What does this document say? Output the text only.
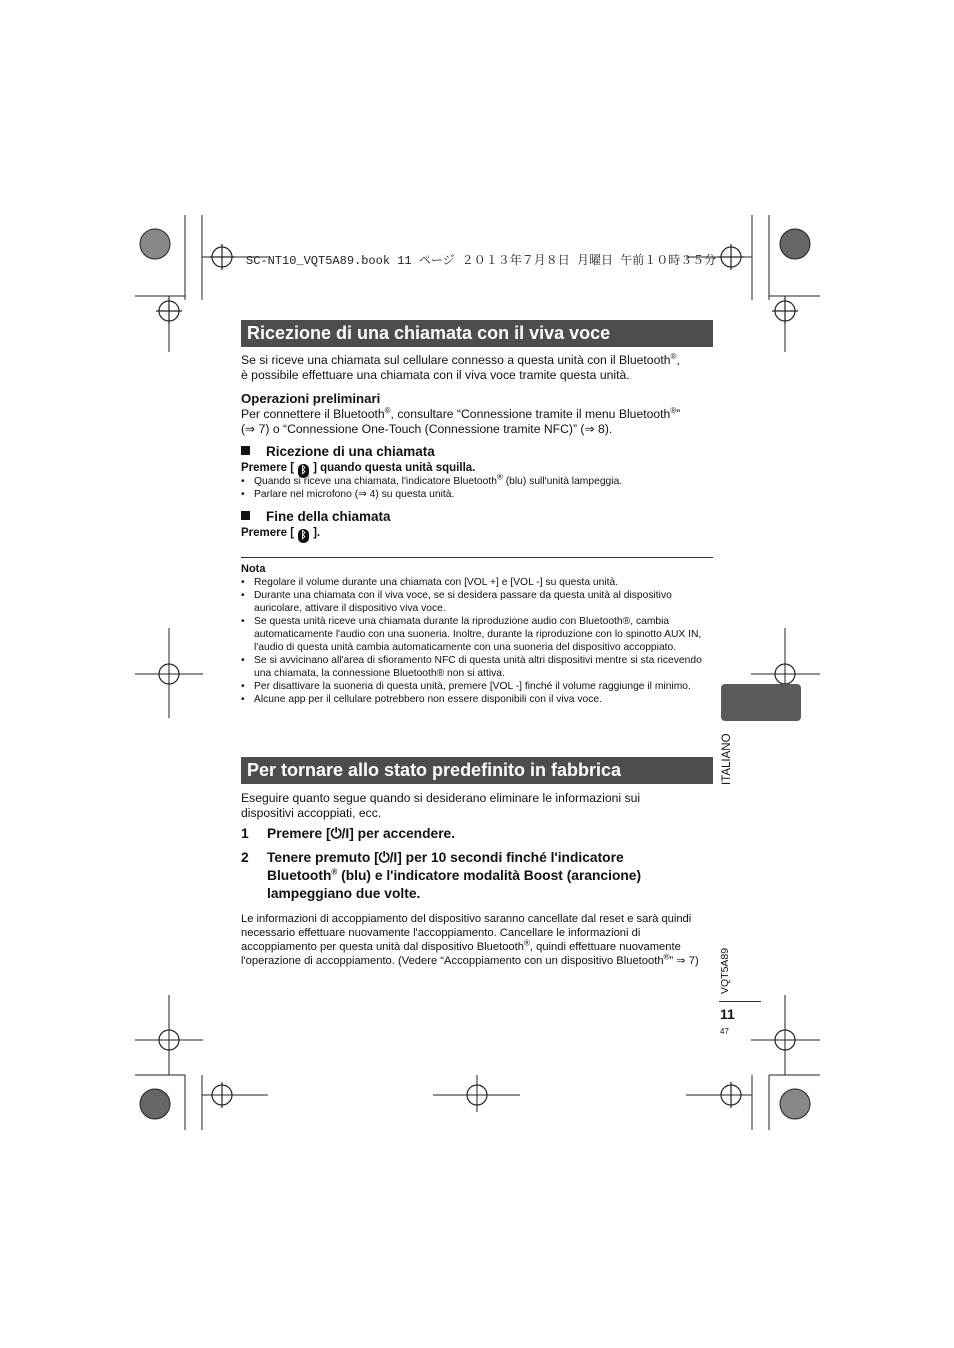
SC-NT10_VQT5A89.book 11 ページ ２０１３年７月８日 月曜日 午前１０時３５分
Ricezione di una chiamata con il viva voce
Se si riceve una chiamata sul cellulare connesso a questa unità con il Bluetooth®,
è possibile effettuare una chiamata con il viva voce tramite questa unità.
Operazioni preliminari
Per connettere il Bluetooth®, consultare “Connessione tramite il menu Bluetooth®”
(⇒ 7) o “Connessione One-Touch (Connessione tramite NFC)” (⇒ 8).
Ricezione di una chiamata
Premere [ ᛒ ] quando questa unità squilla.
• Quando si riceve una chiamata, l'indicatore Bluetooth® (blu) sull'unità lampeggia.
• Parlare nel microfono (⇒ 4) su questa unità.
Fine della chiamata
Premere [ ᛒ ].
Nota
• Regolare il volume durante una chiamata con [VOL +] e [VOL -] su questa unità.
• Durante una chiamata con il viva voce, se si desidera passare da questa unità al dispositivo auricolare, attivare il dispositivo viva voce.
• Se questa unità riceve una chiamata durante la riproduzione audio con Bluetooth®, cambia automaticamente l'audio con una suoneria. Inoltre, durante la riproduzione con lo spinotto AUX IN, l'audio di questa unità cambia automaticamente con una suoneria del dispositivo accoppiato.
• Se si avvicinano all'area di sfioramento NFC di questa unità altri dispositivi mentre si sta ricevendo una chiamata, la connessione Bluetooth® non si attiva.
• Per disattivare la suoneria di questa unità, premere [VOL -] finché il volume raggiunge il minimo.
• Alcune app per il cellulare potrebbero non essere disponibili con il viva voce.
Per tornare allo stato predefinito in fabbrica
Eseguire quanto segue quando si desiderano eliminare le informazioni sui dispositivi accoppiati, ecc.
1 Premere [⏻/I] per accendere.
2 Tenere premuto [⏻/I] per 10 secondi finché l'indicatore Bluetooth® (blu) e l'indicatore modalità Boost (arancione) lampeggiano due volte.
Le informazioni di accoppiamento del dispositivo saranno cancellate dal reset e sarà quindi necessario effettuare nuovamente l'accoppiamento. Cancellare le informazioni di accoppiamento per questa unità dal dispositivo Bluetooth®, quindi effettuare nuovamente l'operazione di accoppiamento. (Vedere “Accoppiamento con un dispositivo Bluetooth®” ⇒ 7)
ITALIANO
VQT5A89
11
47
